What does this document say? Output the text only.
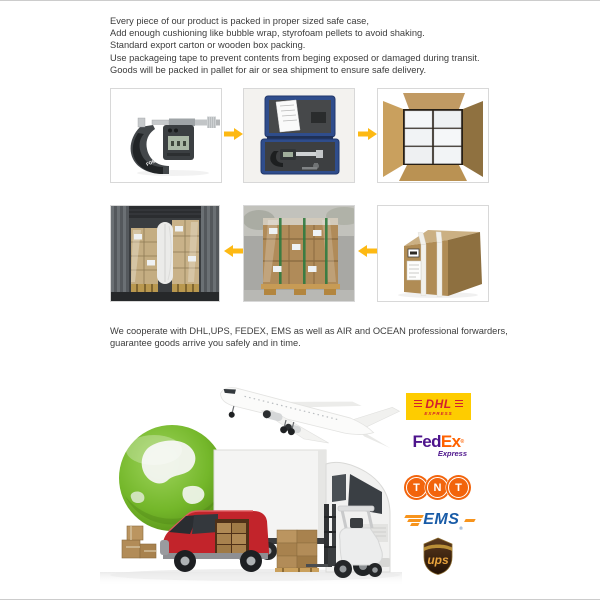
Every piece of our product is packed in proper sized safe case,
Add enough cushioning like bubble wrap, styrofoam pellets to avoid shaking.
Standard export carton or wooden box packing.
Use packageing tape to prevent contents from beging exposed or damaged during transit.
Goods will be packed in pallet for air or sea shipment to ensure safe delivery.
FOM
We cooperate with DHL,UPS, FEDEX, EMS as well as AIR and OCEAN professional forwarders,
guarantee goods arrive you safely and in time.
DHL
EXPRESS
FedEx®
Express
T N T
EMS
®
ups
